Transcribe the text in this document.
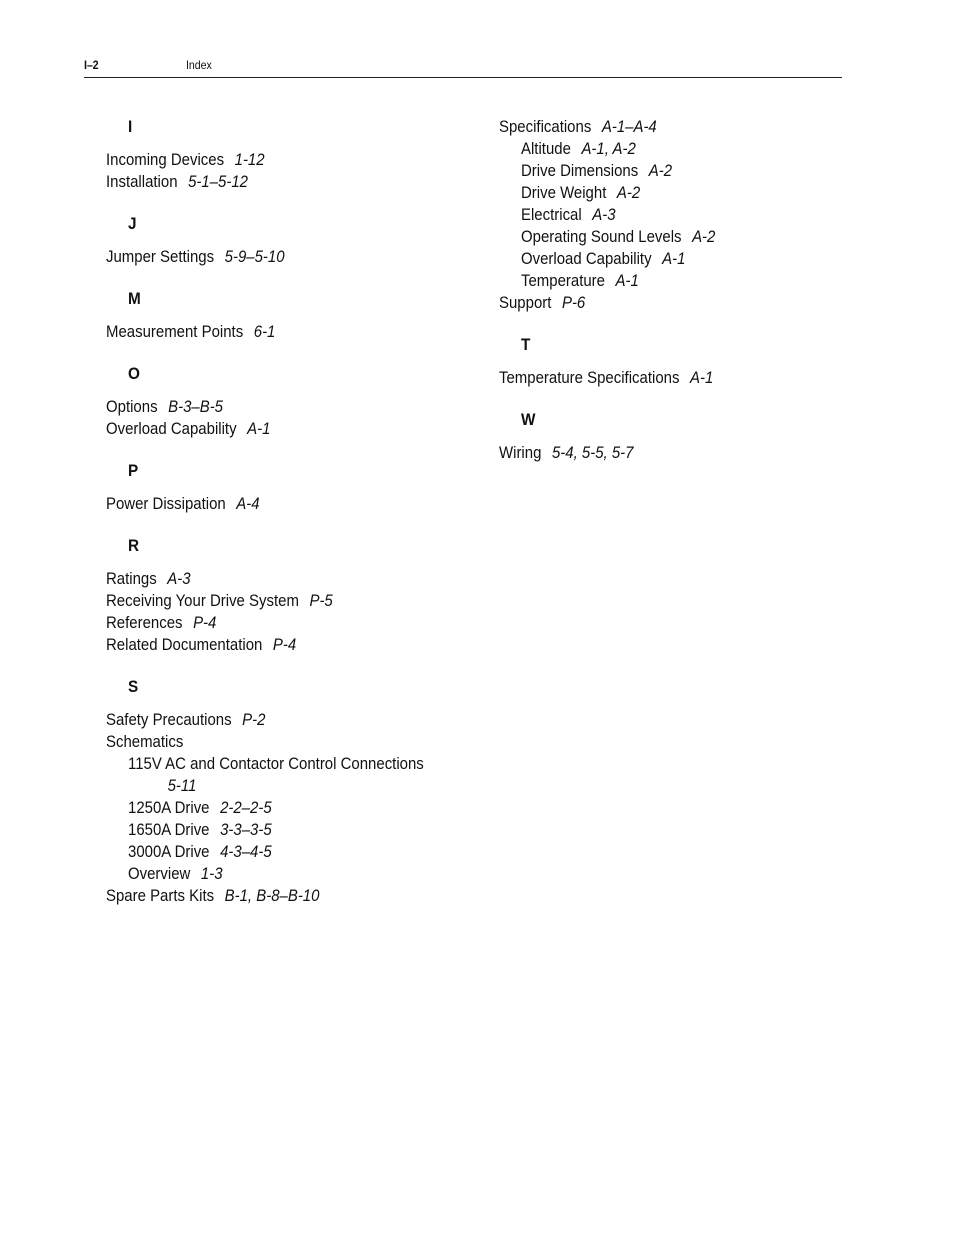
I–2	Index
I
Incoming Devices 1-12
Installation 5-1–5-12
J
Jumper Settings 5-9–5-10
M
Measurement Points 6-1
O
Options B-3–B-5
Overload Capability A-1
P
Power Dissipation A-4
R
Ratings A-3
Receiving Your Drive System P-5
References P-4
Related Documentation P-4
S
Safety Precautions P-2
Schematics
115V AC and Contactor Control Connections
5-11
1250A Drive 2-2–2-5
1650A Drive 3-3–3-5
3000A Drive 4-3–4-5
Overview 1-3
Spare Parts Kits B-1, B-8–B-10
Specifications A-1–A-4
Altitude A-1, A-2
Drive Dimensions A-2
Drive Weight A-2
Electrical A-3
Operating Sound Levels A-2
Overload Capability A-1
Temperature A-1
Support P-6
T
Temperature Specifications A-1
W
Wiring 5-4, 5-5, 5-7
